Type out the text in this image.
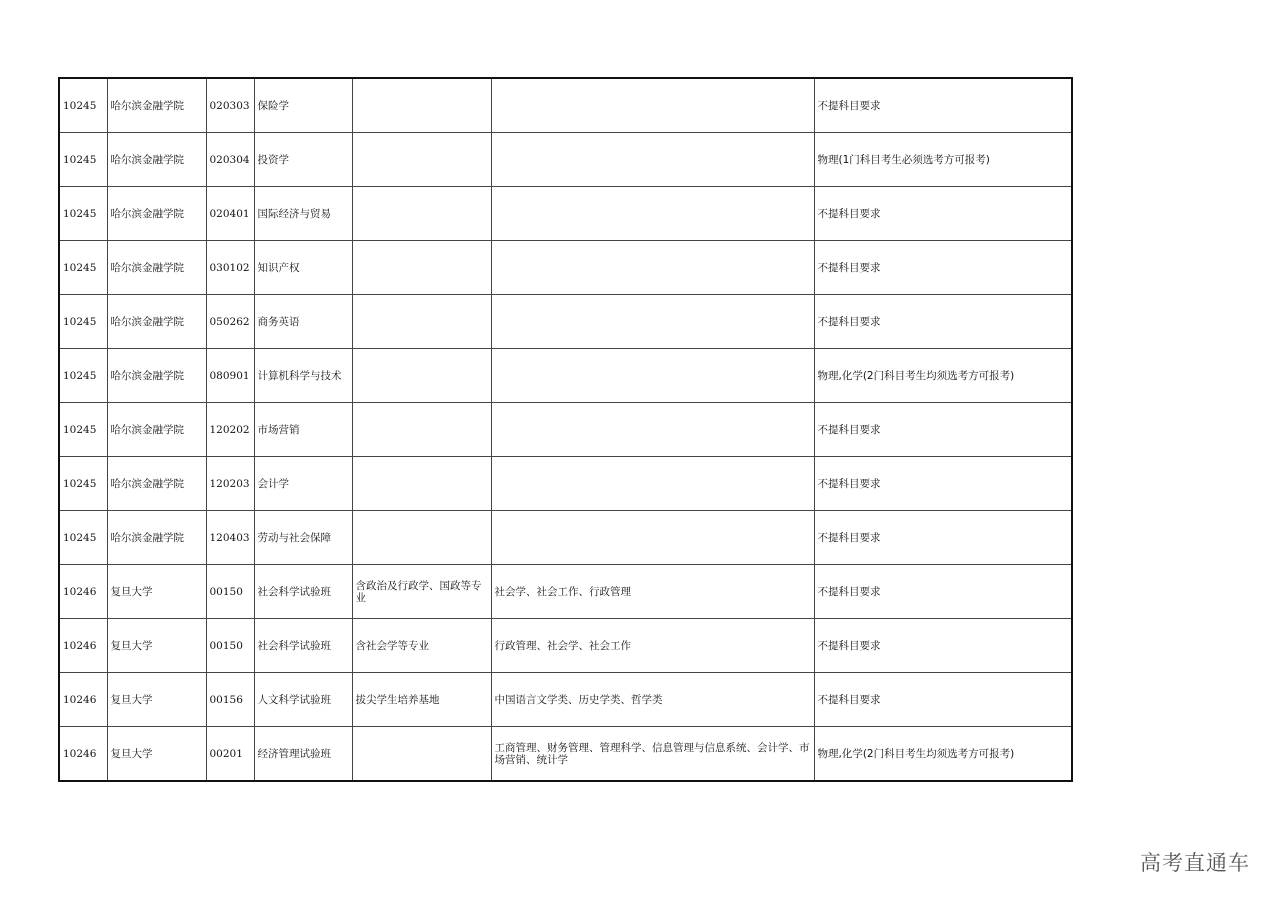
10245	哈尔滨金融学院	020303	保险学			不提科目要求
10245	哈尔滨金融学院	020304	投资学			物理(1门科目考生必须选考方可报考)
10245	哈尔滨金融学院	020401	国际经济与贸易			不提科目要求
10245	哈尔滨金融学院	030102	知识产权			不提科目要求
10245	哈尔滨金融学院	050262	商务英语			不提科目要求
10245	哈尔滨金融学院	080901	计算机科学与技术			物理,化学(2门科目考生均须选考方可报考)
10245	哈尔滨金融学院	120202	市场营销			不提科目要求
10245	哈尔滨金融学院	120203	会计学			不提科目要求
10245	哈尔滨金融学院	120403	劳动与社会保障			不提科目要求
10246	复旦大学	00150	社会科学试验班	含政治及行政学、国政等专业	社会学、社会工作、行政管理	不提科目要求
10246	复旦大学	00150	社会科学试验班	含社会学等专业	行政管理、社会学、社会工作	不提科目要求
10246	复旦大学	00156	人文科学试验班	拔尖学生培养基地	中国语言文学类、历史学类、哲学类	不提科目要求
10246	复旦大学	00201	经济管理试验班		工商管理、财务管理、管理科学、信息管理与信息系统、会计学、市场营销、统计学	物理,化学(2门科目考生均须选考方可报考)
高考直通车
